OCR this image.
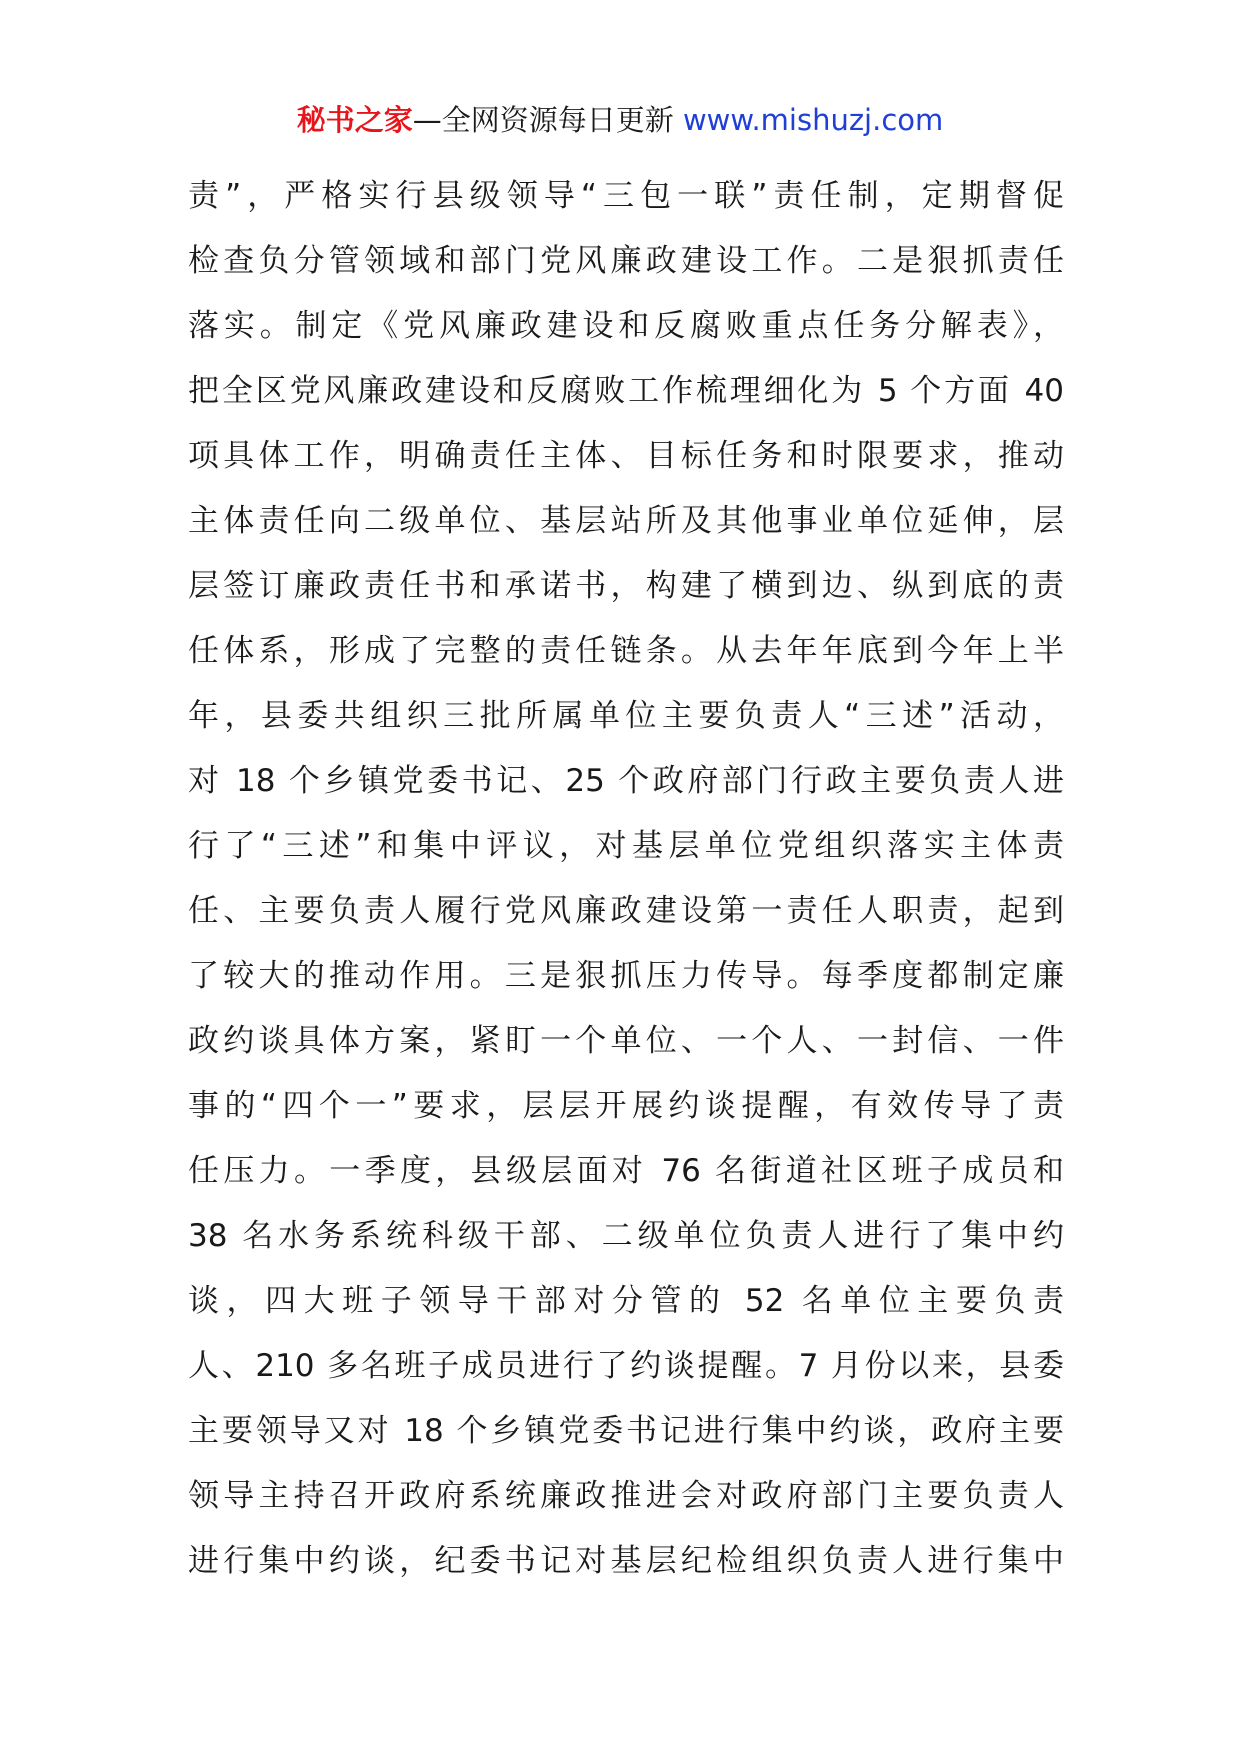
秘书之家—全网资源每日更新 www.mishuzj.com
责”，严格实行县级领导“三包一联”责任制，定期督促
检查负分管领域和部门党风廉政建设工作。二是狠抓责任
落实。制定《党风廉政建设和反腐败重点任务分解表》，
把全区党风廉政建设和反腐败工作梳理细化为 5 个方面 40
项具体工作，明确责任主体、目标任务和时限要求，推动
主体责任向二级单位、基层站所及其他事业单位延伸，层
层签订廉政责任书和承诺书，构建了横到边、纵到底的责
任体系，形成了完整的责任链条。从去年年底到今年上半
年，县委共组织三批所属单位主要负责人“三述”活动，
对 18 个乡镇党委书记、25 个政府部门行政主要负责人进
行了“三述”和集中评议，对基层单位党组织落实主体责
任、主要负责人履行党风廉政建设第一责任人职责，起到
了较大的推动作用。三是狠抓压力传导。每季度都制定廉
政约谈具体方案，紧盯一个单位、一个人、一封信、一件
事的“四个一”要求，层层开展约谈提醒，有效传导了责
任压力。一季度，县级层面对 76 名街道社区班子成员和
38 名水务系统科级干部、二级单位负责人进行了集中约
谈，四大班子领导干部对分管的 52 名单位主要负责
人、210 多名班子成员进行了约谈提醒。7 月份以来，县委
主要领导又对 18 个乡镇党委书记进行集中约谈，政府主要
领导主持召开政府系统廉政推进会对政府部门主要负责人
进行集中约谈，纪委书记对基层纪检组织负责人进行集中
